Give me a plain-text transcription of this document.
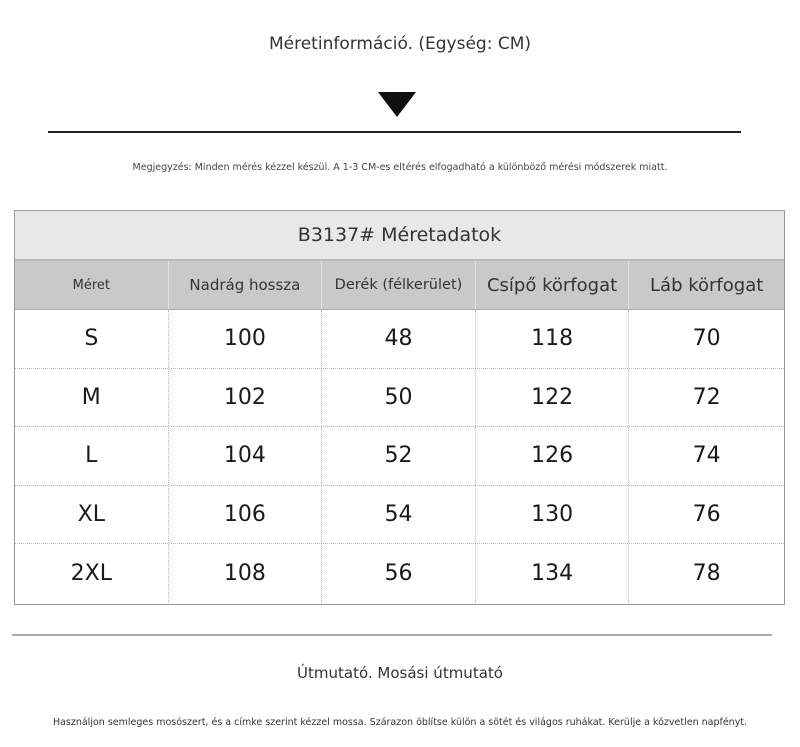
Méretinformáció. (Egység: CM)
Megjegyzés: Minden mérés kézzel készül. A 1-3 CM-es eltérés elfogadható a különböző mérési módszerek miatt.
B3137# Méretadatok
Méret	Nadrág hossza	Derék (félkerület)	Csípő körfogat	Láb körfogat
S	100	48	118	70
M	102	50	122	72
L	104	52	126	74
XL	106	54	130	76
2XL	108	56	134	78
Útmutató. Mosási útmutató
Használjon semleges mosószert, és a címke szerint kézzel mossa. Szárazon öblítse külön a sötét és világos ruhákat. Kerülje a közvetlen napfényt.
